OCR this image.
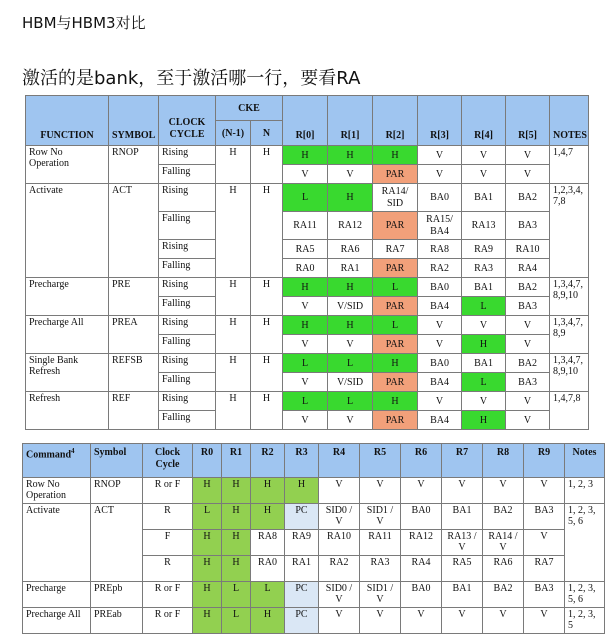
HBM与HBM3对比
激活的是bank，至于激活哪一行，要看RA
FUNCTION	SYMBOL	CLOCK CYCLE	CKE		R[0]	R[1]	R[2]	R[3]	R[4]	R[5]	NOTES
			(N-1)	N							
Row No Operation	RNOP	Rising	H	H	H	H	H	V	V	V	1,4,7
		Falling			V	V	PAR	V	V	V	
Activate	ACT	Rising	H	H	L	H	RA14/ SID	BA0	BA1	BA2	1,2,3,4, 7,8
		Falling			RA11	RA12	PAR	RA15/ BA4	RA13	BA3	
		Rising			RA5	RA6	RA7	RA8	RA9	RA10	
		Falling			RA0	RA1	PAR	RA2	RA3	RA4	
Precharge	PRE	Rising	H	H	H	H	L	BA0	BA1	BA2	1,3,4,7, 8,9,10
		Falling			V	V/SID	PAR	BA4	L	BA3	
Precharge All	PREA	Rising	H	H	H	H	L	V	V	V	1,3,4,7, 8,9
		Falling			V	V	PAR	V	H	V	
Single Bank Refresh	REFSB	Rising	H	H	L	L	H	BA0	BA1	BA2	1,3,4,7, 8,9,10
		Falling			V	V/SID	PAR	BA4	L	BA3	
Refresh	REF	Rising	H	H	L	L	H	V	V	V	1,4,7,8
		Falling			V	V	PAR	BA4	H	V	

Command$^4$	Symbol	Clock Cycle	R0	R1	R2	R3	R4	R5	R6	R7	R8	R9	Notes
Row No Operation	RNOP	R or F	H	H	H	H	V	V	V	V	V	V	1, 2, 3
Activate	ACT	R	L	H	H	PC	SID0 / V	SID1 / V	BA0	BA1	BA2	BA3	1, 2, 3, 5, 6
		F	H	H	RA8	RA9	RA10	RA11	RA12	RA13 / V	RA14 / V	V	
		R	H	H	RA0	RA1	RA2	RA3	RA4	RA5	RA6	RA7	
Precharge	PREpb	R or F	H	L	L	PC	SID0 / V	SID1 / V	BA0	BA1	BA2	BA3	1, 2, 3, 5, 6
Precharge All	PREab	R or F	H	L	H	PC	V	V	V	V	V	V	1, 2, 3, 5
